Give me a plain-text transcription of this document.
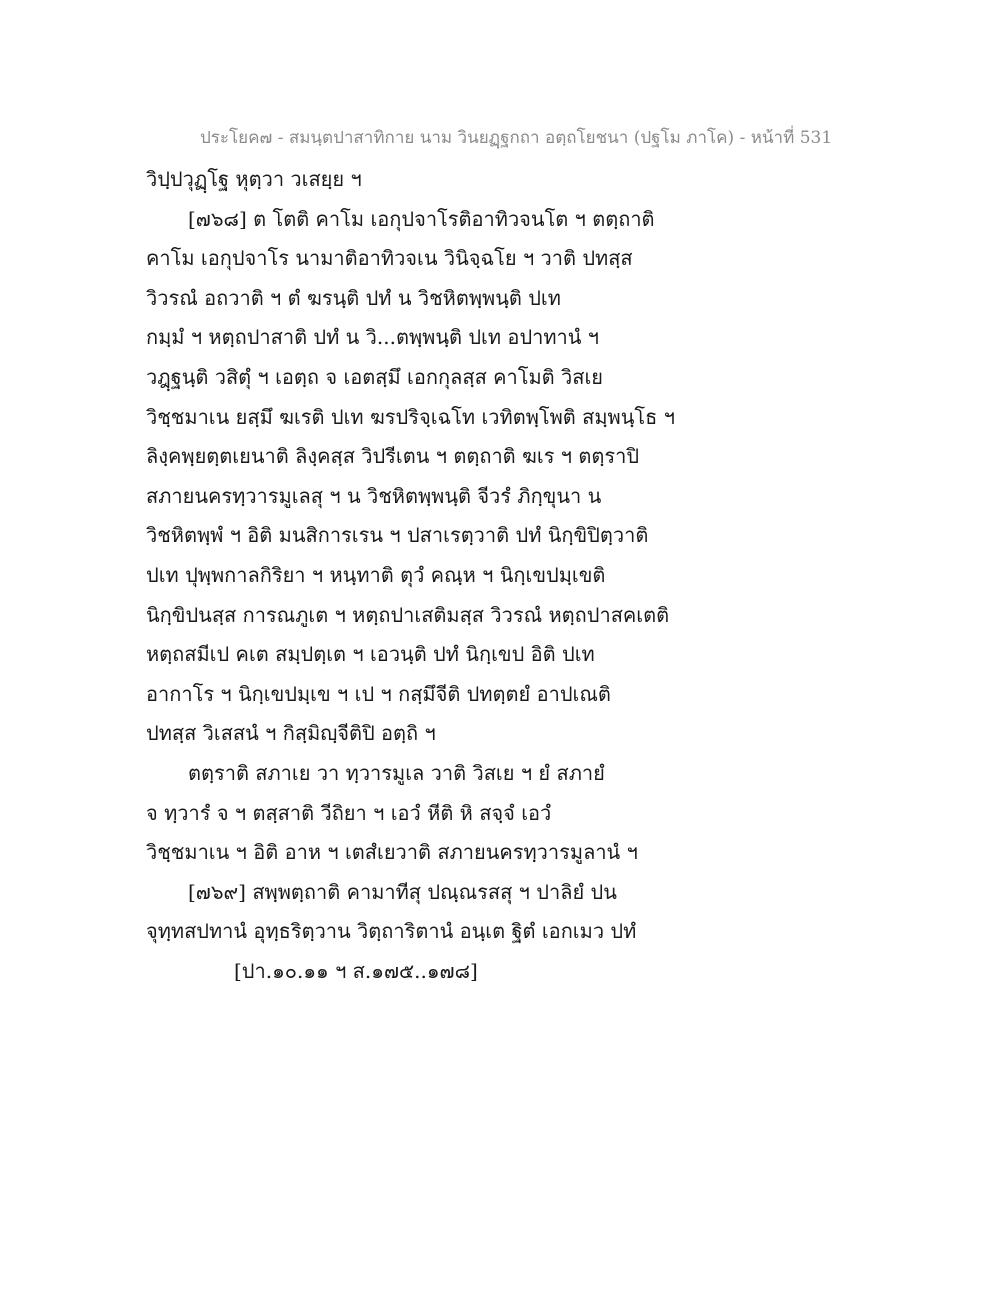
ประโยค๗ - สมนฺตปาสาทิกาย นาม วินยฏฺฐกถา อตฺถโยชนา (ปฐโม ภาโค) - หน้าที่ 531
วิปฺปวุฏฺโฐ หุตฺวา วเสยฺย ฯ
[๗๖๘] ต โตติ คาโม เอกุปจาโรติอาทิวจนโต ฯ ตตฺถาติ
คาโม เอกุปจาโร นามาติอาทิวจเน วินิจฺฉโย ฯ วาติ ปทสฺส
วิวรณํ อถวาติ ฯ ตํ ฆรนฺติ ปทํ น วิชหิตพฺพนฺติ ปเท
กมฺมํ ฯ หตฺถปาสาติ ปทํ น วิ...ตพฺพนฺติ ปเท อปาทานํ ฯ
วฎฺฐนฺติ วสิตุํ ฯ เอตฺถ จ เอตสฺมึ เอกกุลสฺส คาโมติ วิสเย
วิชฺชมาเน ยสฺมึ ฆเรติ ปเท ฆรปริจฺเฉโท เวทิตพฺโพติ สมฺพนฺโธ ฯ
ลิงฺคพฺยตฺตเยนาติ ลิงฺคสฺส วิปรีเตน ฯ ตตฺถาติ ฆเร ฯ ตตฺราปิ
สภายนครทฺวารมูเลสุ ฯ น วิชหิตพฺพนฺติ จีวรํ ภิกฺขุนา น
วิชหิตพฺพํ ฯ อิติ มนสิการเรน ฯ ปสาเรตฺวาติ ปทํ นิกฺขิปิตฺวาติ
ปเท ปุพฺพกาลกิริยา ฯ หนฺทาติ ตุวํ คณฺห ฯ นิกฺเขปมฺเขติ
นิกฺขิปนสฺส การณภูเต ฯ หตฺถปาเสติมสฺส วิวรณํ หตฺถปาสคเตติ
หตฺถสมีเป คเต สมฺปตฺเต ฯ เอวนฺติ ปทํ นิกฺเขป อิติ ปเท
อากาโร ฯ นิกฺเขปมฺเข ฯ เป ฯ กสฺมึจีติ ปทตฺตยํ อาปเณติ
ปทสฺส วิเสสนํ ฯ กิสฺมิญฺจีติปิ อตฺถิ ฯ
ตตฺราติ สภาเย วา ทฺวารมูเล วาติ วิสเย ฯ ยํ สภายํ
จ ทฺวารํ จ ฯ ตสฺสาติ วีถิยา ฯ เอวํ หีติ หิ สจฺจํ เอวํ
วิชฺชมาเน ฯ อิติ อาห ฯ เตสํเยวาติ สภายนครทฺวารมูลานํ ฯ
[๗๖๙] สพฺพตฺถาติ คามาทีสุ ปณฺณรสสุ ฯ ปาลิยํ ปน
จุทฺทสปทานํ อุทฺธริตฺวาน วิตฺถาริตานํ อนฺเต ฐิตํ เอกเมว ปทํ
[ปา.๑๐.๑๑ ฯ ส.๑๗๕..๑๗๘]
